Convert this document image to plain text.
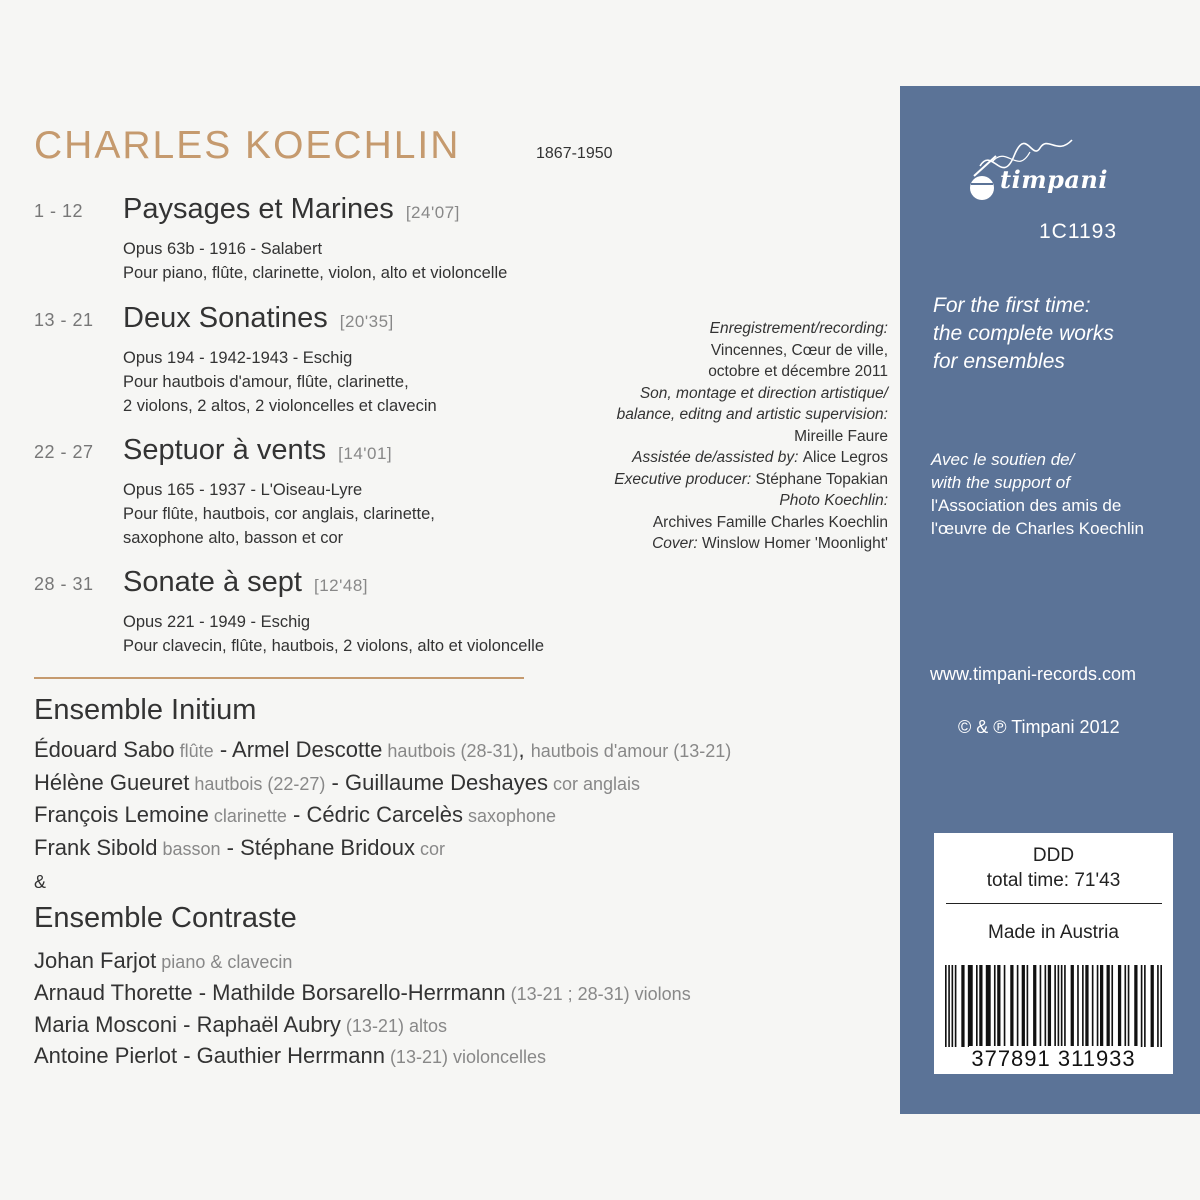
CHARLES KOECHLIN	1867-1950
1 - 12 Paysages et Marines [24'07]
Opus 63b - 1916 - Salabert
Pour piano, flûte, clarinette, violon, alto et violoncelle
13 - 21 Deux Sonatines [20'35]
Opus 194 - 1942-1943 - Eschig
Pour hautbois d'amour, flûte, clarinette,
2 violons, 2 altos, 2 violoncelles et clavecin
22 - 27 Septuor à vents [14'01]
Opus 165 - 1937 - L'Oiseau-Lyre
Pour flûte, hautbois, cor anglais, clarinette,
saxophone alto, basson et cor
28 - 31 Sonate à sept [12'48]
Opus 221 - 1949 - Eschig
Pour clavecin, flûte, hautbois, 2 violons, alto et violoncelle
Enregistrement/recording:
Vincennes, Cœur de ville,
octobre et décembre 2011
Son, montage et direction artistique/
balance, editng and artistic supervision:
Mireille Faure
Assistée de/assisted by: Alice Legros
Executive producer: Stéphane Topakian
Photo Koechlin:
Archives Famille Charles Koechlin
Cover: Winslow Homer 'Moonlight'
Ensemble Initium
Édouard Sabo flûte - Armel Descotte hautbois (28-31), hautbois d'amour (13-21)
Hélène Gueuret hautbois (22-27) - Guillaume Deshayes cor anglais
François Lemoine clarinette - Cédric Carcelès saxophone
Frank Sibold basson - Stéphane Bridoux cor
&
Ensemble Contraste
Johan Farjot piano & clavecin
Arnaud Thorette - Mathilde Borsarello-Herrmann (13-21 ; 28-31) violons
Maria Mosconi - Raphaël Aubry (13-21) altos
Antoine Pierlot - Gauthier Herrmann (13-21) violoncelles
timpani
1C1193
For the first time:
the complete works
for ensembles
Avec le soutien de/
with the support of
l'Association des amis de
l'œuvre de Charles Koechlin
www.timpani-records.com
© & ℗ Timpani 2012
DDD
total time: 71'43
Made in Austria
377891 311933
